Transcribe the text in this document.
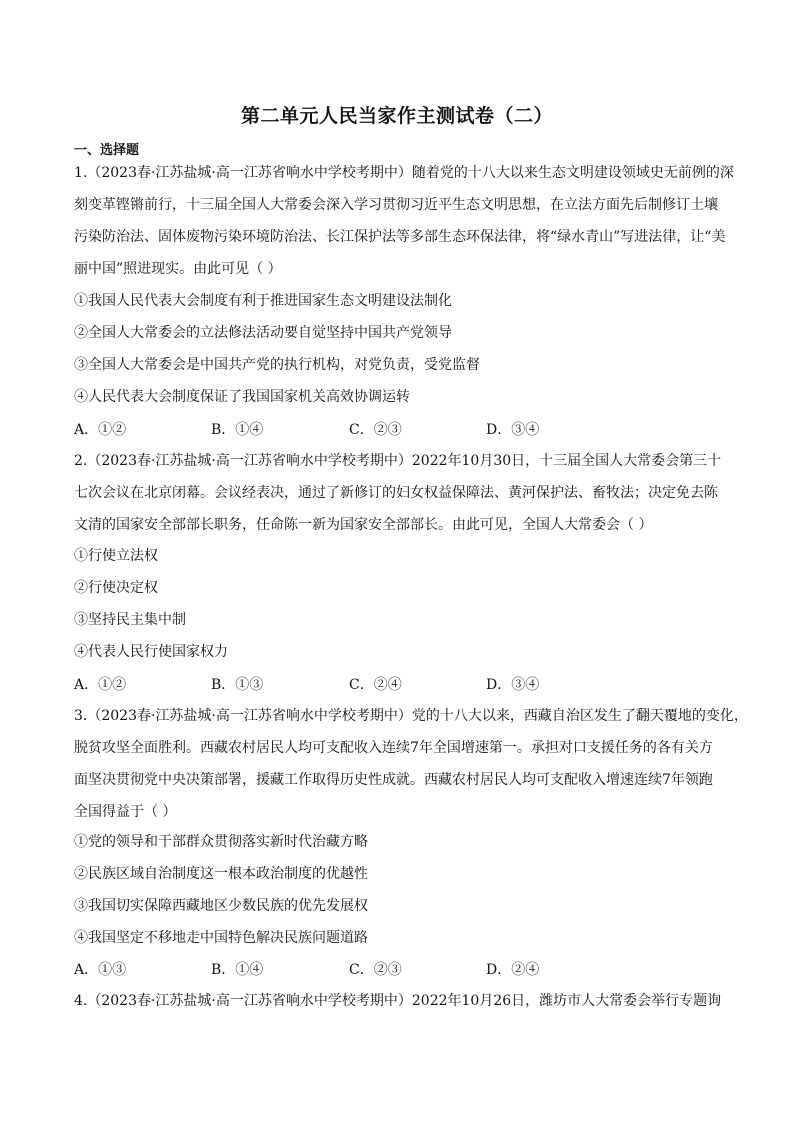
第二单元人民当家作主测试卷（二）
一、选择题
1.（2023春·江苏盐城·高一江苏省响水中学校考期中）随着党的十八大以来生态文明建设领域史无前例的深
刻变革铿锵前行，十三届全国人大常委会深入学习贯彻习近平生态文明思想，在立法方面先后制修订土壤
污染防治法、固体废物污染环境防治法、长江保护法等多部生态环保法律，将“绿水青山”写进法律，让“美
丽中国”照进现实。由此可见（ ）
①我国人民代表大会制度有利于推进国家生态文明建设法制化
②全国人大常委会的立法修法活动要自觉坚持中国共产党领导
③全国人大常委会是中国共产党的执行机构，对党负责，受党监督
④人民代表大会制度保证了我国国家机关高效协调运转
A．①②	B．①④	C．②③	D．③④
2.（2023春·江苏盐城·高一江苏省响水中学校考期中）2022年10月30日，十三届全国人大常委会第三十
七次会议在北京闭幕。会议经表决，通过了新修订的妇女权益保障法、黄河保护法、畜牧法；决定免去陈
文清的国家安全部部长职务，任命陈一新为国家安全部部长。由此可见，全国人大常委会（ ）
①行使立法权
②行使决定权
③坚持民主集中制
④代表人民行使国家权力
A．①②	B．①③	C．②④	D．③④
3.（2023春·江苏盐城·高一江苏省响水中学校考期中）党的十八大以来，西藏自治区发生了翻天覆地的变化，
脱贫攻坚全面胜利。西藏农村居民人均可支配收入连续7年全国增速第一。承担对口支援任务的各有关方
面坚决贯彻党中央决策部署，援藏工作取得历史性成就。西藏农村居民人均可支配收入增速连续7年领跑
全国得益于（ ）
①党的领导和干部群众贯彻落实新时代治藏方略
②民族区域自治制度这一根本政治制度的优越性
③我国切实保障西藏地区少数民族的优先发展权
④我国坚定不移地走中国特色解决民族问题道路
A．①③	B．①④	C．②③	D．②④
4.（2023春·江苏盐城·高一江苏省响水中学校考期中）2022年10月26日，潍坊市人大常委会举行专题询
